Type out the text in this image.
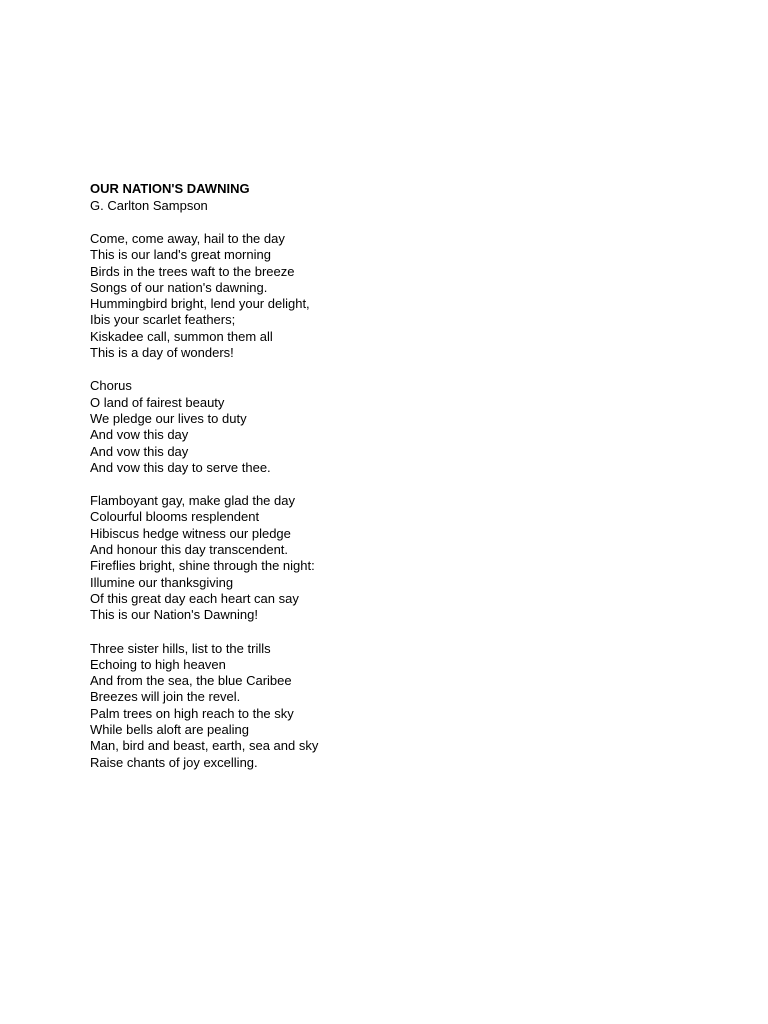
OUR NATION'S DAWNING
G. Carlton Sampson
Come, come away, hail to the day
This is our land's great morning
Birds in the trees waft to the breeze
Songs of our nation's dawning.
Hummingbird bright, lend your delight,
Ibis your scarlet feathers;
Kiskadee call, summon them all
This is a day of wonders!
Chorus
O land of fairest beauty
We pledge our lives to duty
And vow this day
And vow this day
And vow this day to serve thee.
Flamboyant gay, make glad the day
Colourful blooms resplendent
Hibiscus hedge witness our pledge
And honour this day transcendent.
Fireflies bright, shine through the night:
Illumine our thanksgiving
Of this great day each heart can say
This is our Nation's Dawning!
Three sister hills, list to the trills
Echoing to high heaven
And from the sea, the blue Caribee
Breezes will join the revel.
Palm trees on high reach to the sky
While bells aloft are pealing
Man, bird and beast, earth, sea and sky
Raise chants of joy excelling.
